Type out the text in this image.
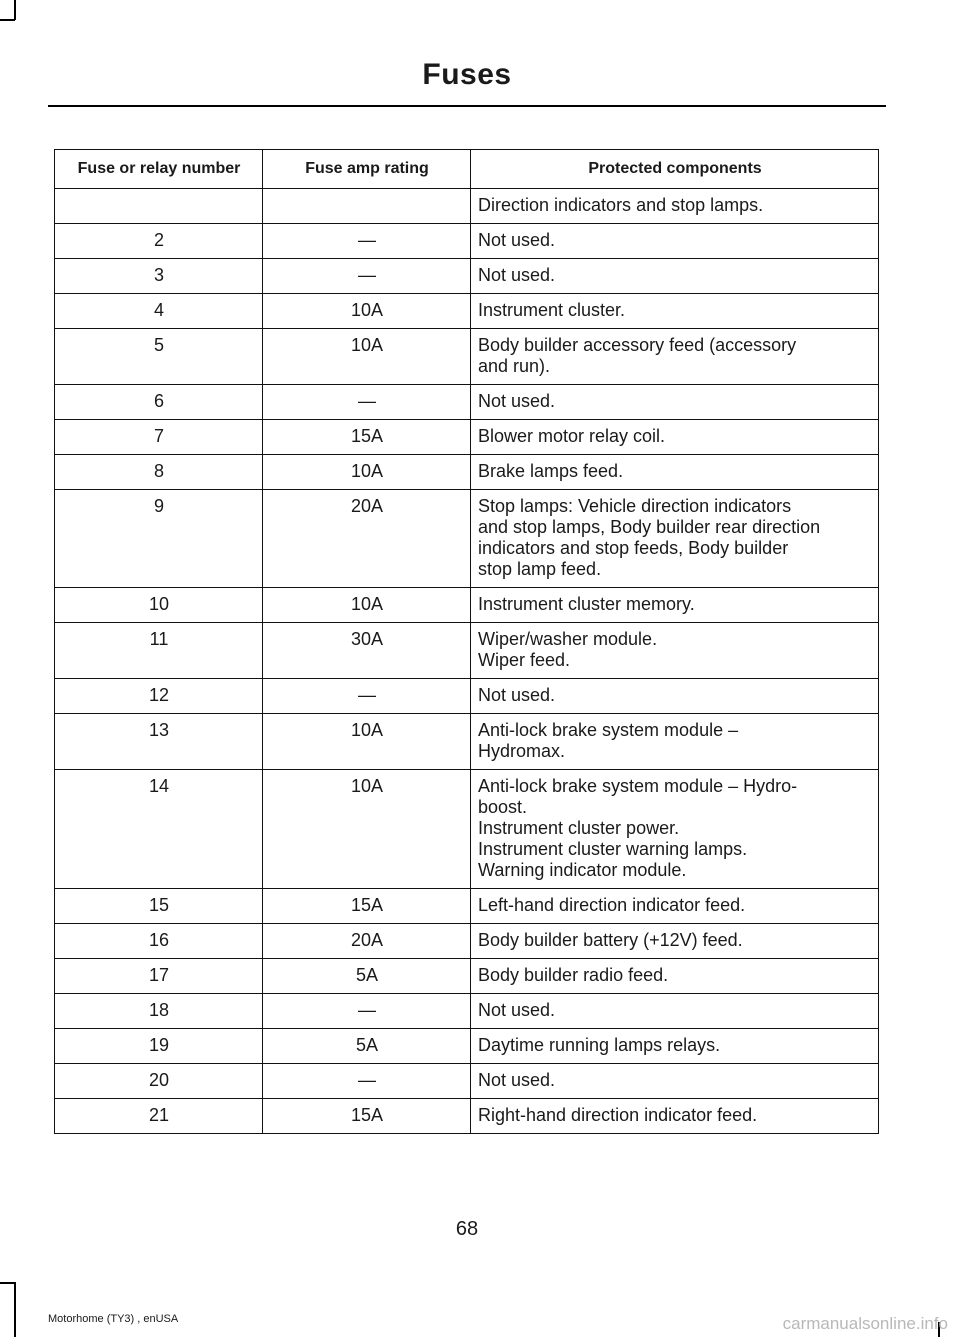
Fuses
Fuse or relay number	Fuse amp rating	Protected components
		Direction indicators and stop lamps.
2	—	Not used.
3	—	Not used.
4	10A	Instrument cluster.
5	10A	Body builder accessory feed (accessory
and run).
6	—	Not used.
7	15A	Blower motor relay coil.
8	10A	Brake lamps feed.
9	20A	Stop lamps: Vehicle direction indicators
and stop lamps, Body builder rear direction
indicators and stop feeds, Body builder
stop lamp feed.
10	10A	Instrument cluster memory.
11	30A	Wiper/washer module.
Wiper feed.
12	—	Not used.
13	10A	Anti-lock brake system module –
Hydromax.
14	10A	Anti-lock brake system module – Hydro-
boost.
Instrument cluster power.
Instrument cluster warning lamps.
Warning indicator module.
15	15A	Left-hand direction indicator feed.
16	20A	Body builder battery (+12V) feed.
17	5A	Body builder radio feed.
18	—	Not used.
19	5A	Daytime running lamps relays.
20	—	Not used.
21	15A	Right-hand direction indicator feed.
68
Motorhome (TY3) , enUSA	carmanualsonline.info
